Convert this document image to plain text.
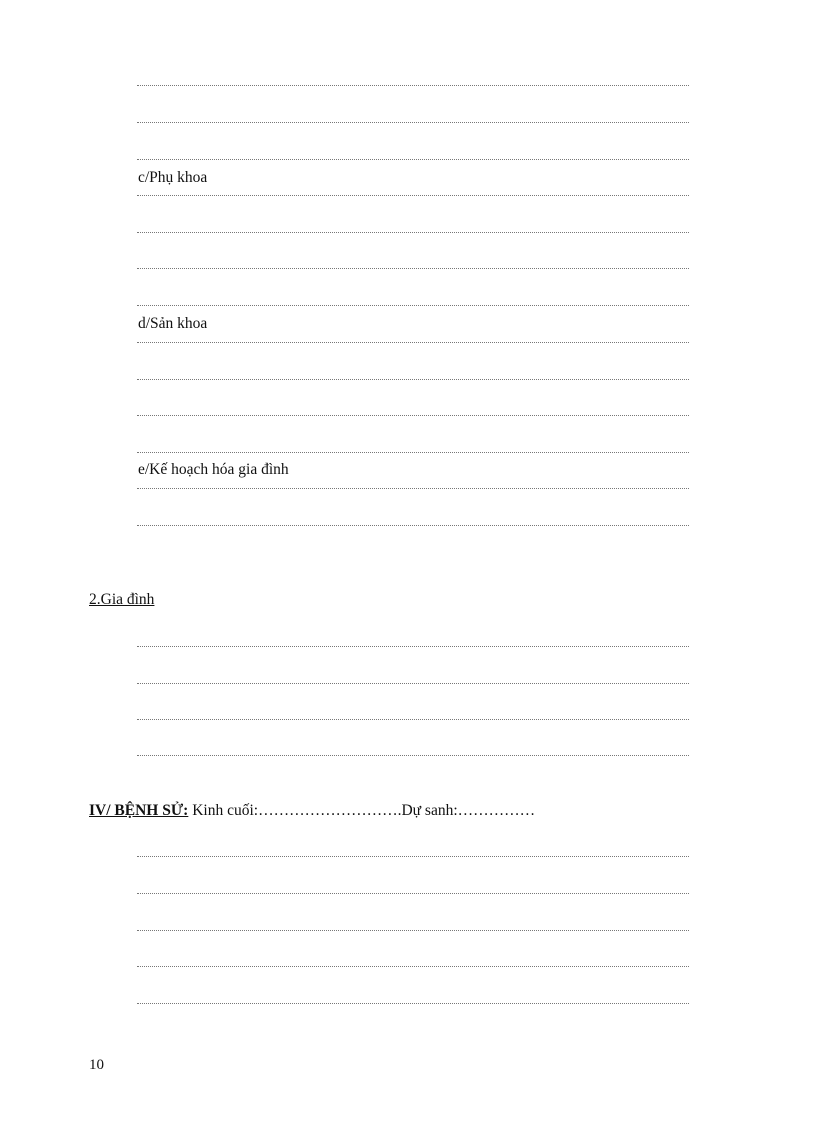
c/Phụ khoa
d/Sản khoa
e/Kế hoạch hóa gia đình
2.Gia đình
IV/ BỆNH SỬ: Kinh cuối:……………………….Dự sanh:……………
10
